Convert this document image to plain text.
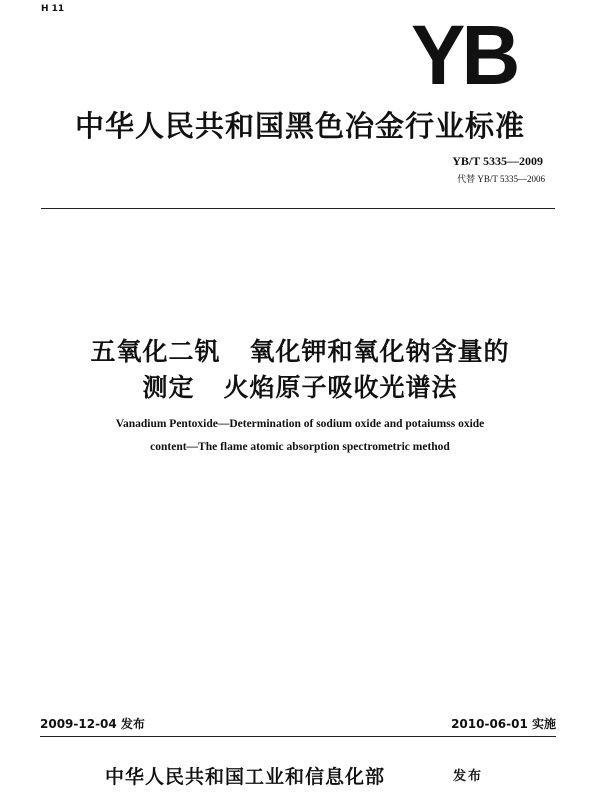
H 11	YB
中华人民共和国黑色冶金行业标准
YB/T 5335—2009
代替 YB/T 5335—2006
五氧化二钒   氧化钾和氧化钠含量的
测定   火焰原子吸收光谱法
Vanadium Pentoxide—Determination of sodium oxide and potaiumss oxide
content—The flame atomic absorption spectrometric method
2009-12-04 发布	2010-06-01 实施
中华人民共和国工业和信息化部	发布
